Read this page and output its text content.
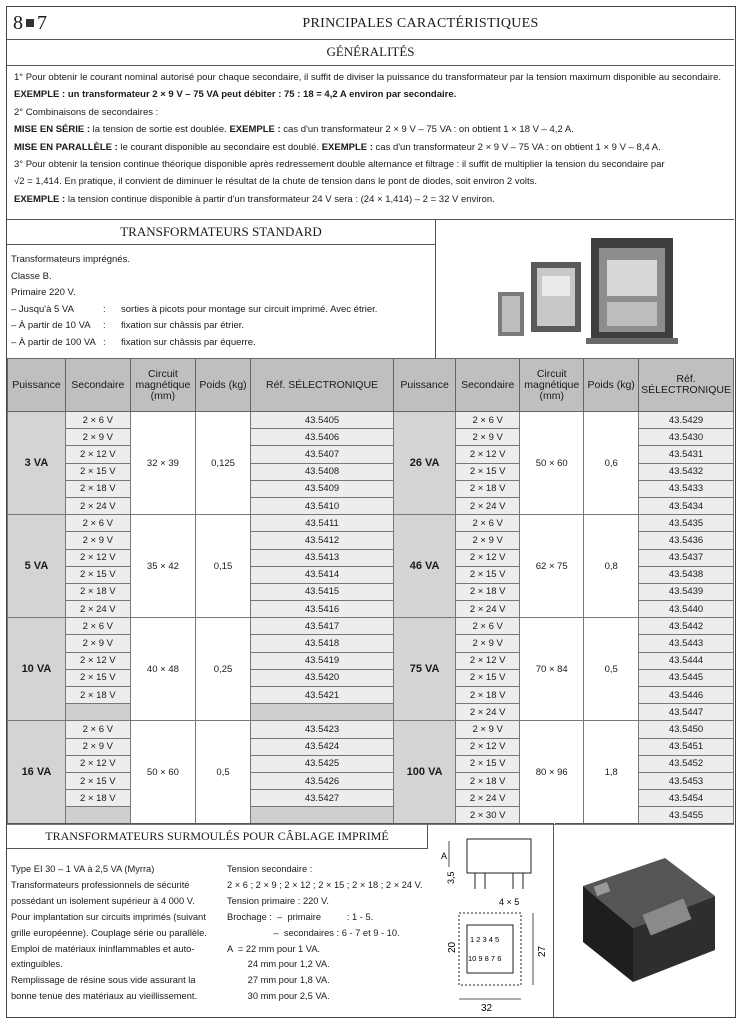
8 7	PRINCIPALES CARACTÉRISTIQUES
GÉNÉRALITÉS

1° Pour obtenir le courant nominal autorisé pour chaque secondaire, il suffit de diviser la puissance du transformateur par la tension maximum disponible au secondaire.

EXEMPLE : un transformateur 2 × 9 V – 75 VA peut débiter : 75 : 18 = 4,2 A environ par secondaire.

2° Combinaisons de secondaires :

MISE EN SÉRIE : la tension de sortie est doublée. EXEMPLE : cas d'un transformateur 2 × 9 V – 75 VA : on obtient 1 × 18 V – 4,2 A.

MISE EN PARALLÈLE : le courant disponible au secondaire est doublé. EXEMPLE : cas d'un transformateur 2 × 9 V – 75 VA : on obtient 1 × 9 V – 8,4 A.

3° Pour obtenir la tension continue théorique disponible après redressement double alternance et filtrage : il suffit de multiplier la tension du secondaire par

√2 = 1,414. En pratique, il convient de diminuer le résultat de la chute de tension dans le pont de diodes, soit environ 2 volts.

EXEMPLE : la tension continue disponible à partir d'un transformateur 24 V sera : (24 × 1,414) – 2 = 32 V environ.

TRANSFORMATEURS STANDARD
Transformateurs imprégnés.
Classe B.
Primaire 220 V.
– Jusqu'à 5 VA	: sorties à picots pour montage sur circuit imprimé. Avec étrier.
– À partir de 10 VA : fixation sur châssis par étrier.
– À partir de 100 VA : fixation sur châssis par équerre.
Puissance	Secondaire	Circuit magnétique (mm)	Poids (kg)	Réf. SÉLECTRONIQUE	Puissance	Secondaire	Circuit magnétique (mm)	Poids (kg)	Réf. SÉLECTRONIQUE
3 VA	2 × 6 V	32 × 39	0,125	43.5405	26 VA	2 × 6 V	50 × 60	0,6	43.5429
	2 × 9 V			43.5406		2 × 9 V			43.5430
	2 × 12 V			43.5407		2 × 12 V			43.5431
	2 × 15 V			43.5408		2 × 15 V			43.5432
	2 × 18 V			43.5409		2 × 18 V			43.5433
	2 × 24 V			43.5410		2 × 24 V			43.5434
5 VA	2 × 6 V	35 × 42	0,15	43.5411	46 VA	2 × 6 V	62 × 75	0,8	43.5435
	2 × 9 V			43.5412		2 × 9 V			43.5436
	2 × 12 V			43.5413		2 × 12 V			43.5437
	2 × 15 V			43.5414		2 × 15 V			43.5438
	2 × 18 V			43.5415		2 × 18 V			43.5439
	2 × 24 V			43.5416		2 × 24 V			43.5440
10 VA	2 × 6 V	40 × 48	0,25	43.5417	75 VA	2 × 6 V	70 × 84	0,5	43.5442
	2 × 9 V			43.5418		2 × 9 V			43.5443
	2 × 12 V			43.5419		2 × 12 V			43.5444
	2 × 15 V			43.5420		2 × 15 V			43.5445
	2 × 18 V			43.5421		2 × 18 V			43.5446
						2 × 24 V			43.5447
16 VA	2 × 6 V	50 × 60	0,5	43.5423	100 VA	2 × 9 V	80 × 96	1,8	43.5450
	2 × 9 V			43.5424		2 × 12 V			43.5451
	2 × 12 V			43.5425		2 × 15 V			43.5452
	2 × 15 V			43.5426		2 × 18 V			43.5453
	2 × 18 V			43.5427		2 × 24 V			43.5454
						2 × 30 V			43.5455
TRANSFORMATEURS SURMOULÉS POUR CÂBLAGE IMPRIMÉ
Type EI 30 – 1 VA à 2,5 VA (Myrra)
Transformateurs professionnels de sécurité
possédant un isolement supérieur à 4 000 V.
Pour implantation sur circuits imprimés (suivant
grille européenne). Couplage série ou parallèle.
Emploi de matériaux ininflammables et auto-
extinguibles.
Remplissage de résine sous vide assurant la
bonne tenue des matériaux au vieillissement.
Tension secondaire :
2 × 6 ; 2 × 9 ; 2 × 12 ; 2 × 15 ; 2 × 18 ; 2 × 24 V.
Tension primaire : 220 V.
Brochage :  –  primaire          : 1 - 5.
–  secondaires : 6 - 7 et 9 - 10.
A  = 22 mm pour 1 VA.
24 mm pour 1,2 VA.
27 mm pour 1,8 VA.
30 mm pour 2,5 VA.
A
3,5
4 × 5
1 2 3 4 5
10 9 8 7 6
20	27
32
